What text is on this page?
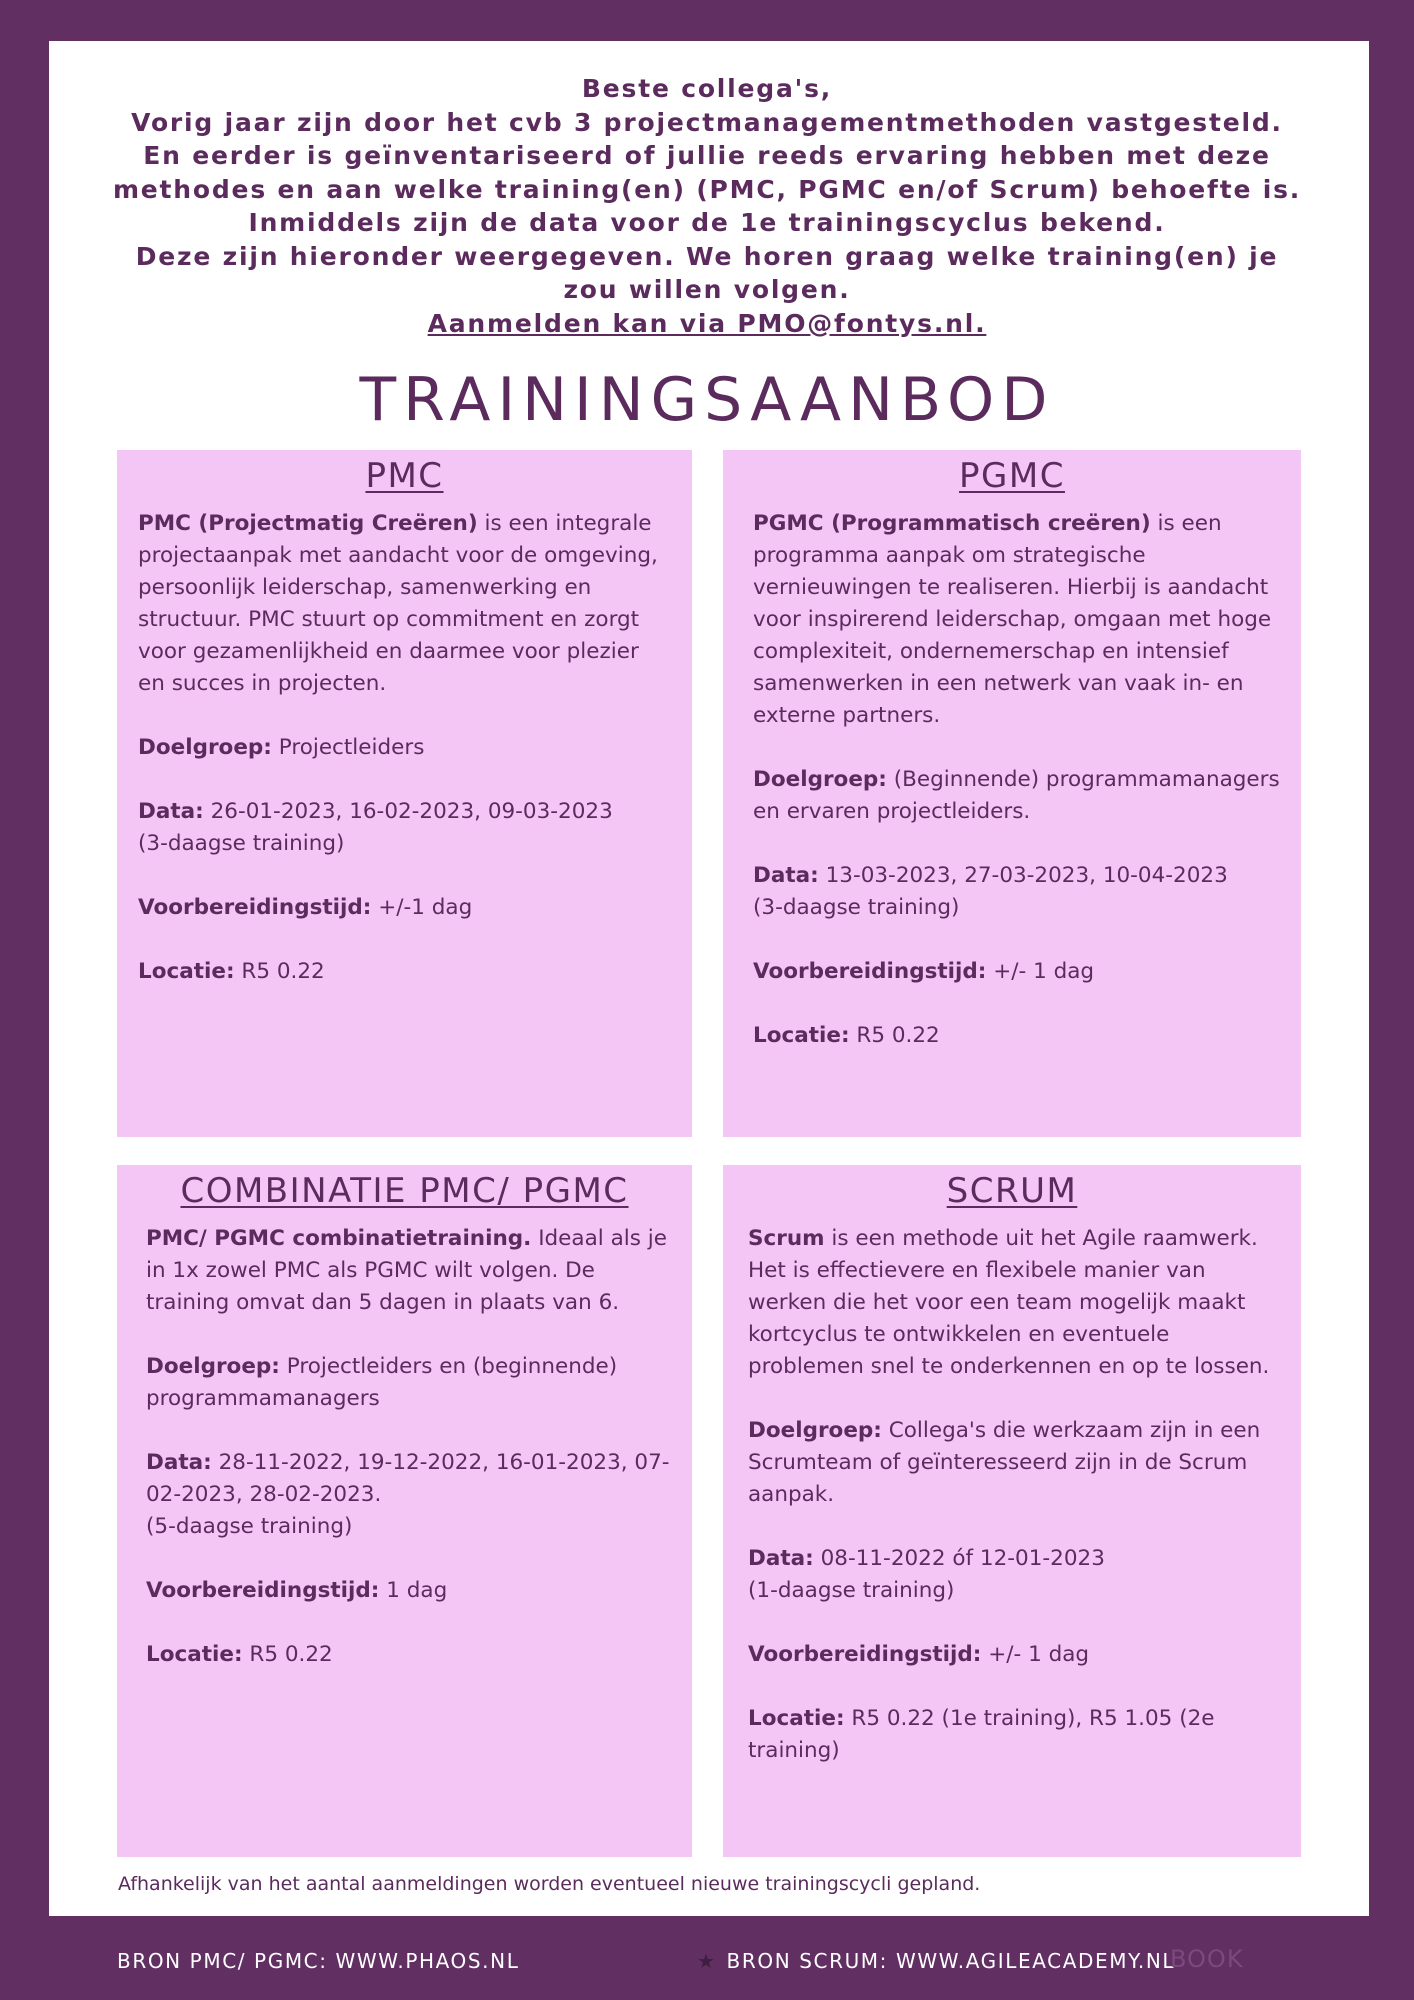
Beste collega's,

Vorig jaar zijn door het cvb 3 projectmanagementmethoden vastgesteld.

En eerder is geïnventariseerd of jullie reeds ervaring hebben met deze methodes en aan welke training(en) (PMC, PGMC en/of Scrum) behoefte is. Inmiddels zijn de data voor de 1e trainingscyclus bekend.

Deze zijn hieronder weergegeven. We horen graag welke training(en) je zou willen volgen.

Aanmelden kan via PMO@fontys.nl.

TRAININGSAANBOD
PMC

PMC (Projectmatig Creëren) is een integrale projectaanpak met aandacht voor de omgeving, persoonlijk leiderschap, samenwerking en structuur. PMC stuurt op commitment en zorgt voor gezamenlijkheid en daarmee voor plezier en succes in projecten.

Doelgroep: Projectleiders

Data: 26-01-2023, 16-02-2023, 09-03-2023
(3-daagse training)

Voorbereidingstijd: +/-1 dag

Locatie: R5 0.22

PGMC

PGMC (Programmatisch creëren) is een programma aanpak om strategische vernieuwingen te realiseren. Hierbij is aandacht voor inspirerend leiderschap, omgaan met hoge complexiteit, ondernemerschap en intensief samenwerken in een netwerk van vaak in- en externe partners.

Doelgroep: (Beginnende) programmamanagers en ervaren projectleiders.

Data: 13-03-2023, 27-03-2023, 10-04-2023
(3-daagse training)

Voorbereidingstijd: +/- 1 dag

Locatie: R5 0.22

COMBINATIE PMC/ PGMC

PMC/ PGMC combinatietraining. Ideaal als je in 1x zowel PMC als PGMC wilt volgen. De training omvat dan 5 dagen in plaats van 6.

Doelgroep: Projectleiders en (beginnende) programmamanagers

Data: 28-11-2022, 19-12-2022, 16-01-2023, 07-02-2023, 28-02-2023.
(5-daagse training)

Voorbereidingstijd: 1 dag

Locatie: R5 0.22

SCRUM

Scrum is een methode uit het Agile raamwerk. Het is effectievere en flexibele manier van werken die het voor een team mogelijk maakt kortcyclus te ontwikkelen en eventuele problemen snel te onderkennen en op te lossen.

Doelgroep: Collega's die werkzaam zijn in een Scrumteam of geïnteresseerd zijn in de Scrum aanpak.

Data: 08-11-2022 óf 12-01-2023
(1-daagse training)

Voorbereidingstijd: +/- 1 dag

Locatie: R5 0.22 (1e training), R5 1.05 (2e training)

Afhankelijk van het aantal aanmeldingen worden eventueel nieuwe trainingscycli gepland.
BRON PMC/ PGMC: WWW.PHAOS.NL	★ BRON SCRUM: WWW.AGILEACADEMY.NL
BOOK
